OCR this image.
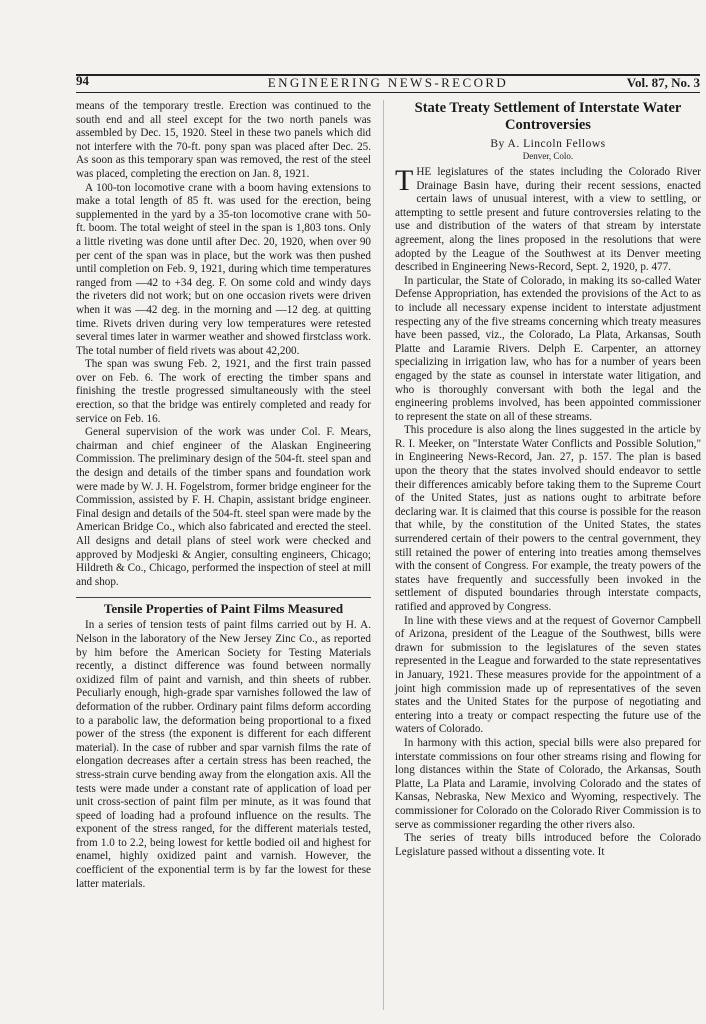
94	ENGINEERING NEWS-RECORD	Vol. 87, No. 3

means of the temporary trestle. Erection was continued to the south end and all steel except for the two north panels was assembled by Dec. 15, 1920. Steel in these two panels which did not interfere with the 70-ft. pony span was placed after Dec. 25. As soon as this temporary span was removed, the rest of the steel was placed, completing the erection on Jan. 8, 1921.

A 100-ton locomotive crane with a boom having extensions to make a total length of 85 ft. was used for the erection, being supplemented in the yard by a 35-ton locomotive crane with 50-ft. boom. The total weight of steel in the span is 1,803 tons. Only a little riveting was done until after Dec. 20, 1920, when over 90 per cent of the span was in place, but the work was then pushed until completion on Feb. 9, 1921, during which time temperatures ranged from —42 to +34 deg. F. On some cold and windy days the riveters did not work; but on one occasion rivets were driven when it was —42 deg. in the morning and —12 deg. at quitting time. Rivets driven during very low temperatures were retested several times later in warmer weather and showed firstclass work. The total number of field rivets was about 42,200.

The span was swung Feb. 2, 1921, and the first train passed over on Feb. 6. The work of erecting the timber spans and finishing the trestle progressed simultaneously with the steel erection, so that the bridge was entirely completed and ready for service on Feb. 16.

General supervision of the work was under Col. F. Mears, chairman and chief engineer of the Alaskan Engineering Commission. The preliminary design of the 504-ft. steel span and the design and details of the timber spans and foundation work were made by W. J. H. Fogelstrom, former bridge engineer for the Commission, assisted by F. H. Chapin, assistant bridge engineer. Final design and details of the 504-ft. steel span were made by the American Bridge Co., which also fabricated and erected the steel. All designs and detail plans of steel work were checked and approved by Modjeski & Angier, consulting engineers, Chicago; Hildreth & Co., Chicago, performed the inspection of steel at mill and shop.

Tensile Properties of Paint Films Measured

In a series of tension tests of paint films carried out by H. A. Nelson in the laboratory of the New Jersey Zinc Co., as reported by him before the American Society for Testing Materials recently, a distinct difference was found between normally oxidized film of paint and varnish, and thin sheets of rubber. Peculiarly enough, high-grade spar varnishes followed the law of deformation of the rubber. Ordinary paint films deform according to a parabolic law, the deformation being proportional to a fixed power of the stress (the exponent is different for each different material). In the case of rubber and spar varnish films the rate of elongation decreases after a certain stress has been reached, the stress-strain curve bending away from the elongation axis. All the tests were made under a constant rate of application of load per unit cross-section of paint film per minute, as it was found that speed of loading had a profound influence on the results. The exponent of the stress ranged, for the different materials tested, from 1.0 to 2.2, being lowest for kettle bodied oil and highest for enamel, highly oxidized paint and varnish. However, the coefficient of the exponential term is by far the lowest for these latter materials.

State Treaty Settlement of Interstate Water Controversies
By A. Lincoln Fellows
Denver, Colo.

THE legislatures of the states including the Colorado River Drainage Basin have, during their recent sessions, enacted certain laws of unusual interest, with a view to settling, or attempting to settle present and future controversies relating to the use and distribution of the waters of that stream by interstate agreement, along the lines proposed in the resolutions that were adopted by the League of the Southwest at its Denver meeting described in Engineering News-Record, Sept. 2, 1920, p. 477.

In particular, the State of Colorado, in making its so-called Water Defense Appropriation, has extended the provisions of the Act to as to include all necessary expense incident to interstate adjustment respecting any of the five streams concerning which treaty measures have been passed, viz., the Colorado, La Plata, Arkansas, South Platte and Laramie Rivers. Delph E. Carpenter, an attorney specializing in irrigation law, who has for a number of years been engaged by the state as counsel in interstate water litigation, and who is thoroughly conversant with both the legal and the engineering problems involved, has been appointed commissioner to represent the state on all of these streams.

This procedure is also along the lines suggested in the article by R. I. Meeker, on "Interstate Water Conflicts and Possible Solution," in Engineering News-Record, Jan. 27, p. 157. The plan is based upon the theory that the states involved should endeavor to settle their differences amicably before taking them to the Supreme Court of the United States, just as nations ought to arbitrate before declaring war. It is claimed that this course is possible for the reason that while, by the constitution of the United States, the states surrendered certain of their powers to the central government, they still retained the power of entering into treaties among themselves with the consent of Congress. For example, the treaty powers of the states have frequently and successfully been invoked in the settlement of disputed boundaries through interstate compacts, ratified and approved by Congress.

In line with these views and at the request of Governor Campbell of Arizona, president of the League of the Southwest, bills were drawn for submission to the legislatures of the seven states represented in the League and forwarded to the state representatives in January, 1921. These measures provide for the appointment of a joint high commission made up of representatives of the seven states and the United States for the purpose of negotiating and entering into a treaty or compact respecting the future use of the waters of Colorado.

In harmony with this action, special bills were also prepared for interstate commissions on four other streams rising and flowing for long distances within the State of Colorado, the Arkansas, South Platte, La Plata and Laramie, involving Colorado and the states of Kansas, Nebraska, New Mexico and Wyoming, respectively. The commissioner for Colorado on the Colorado River Commission is to serve as commissioner regarding the other rivers also.

The series of treaty bills introduced before the Colorado Legislature passed without a dissenting vote. It
